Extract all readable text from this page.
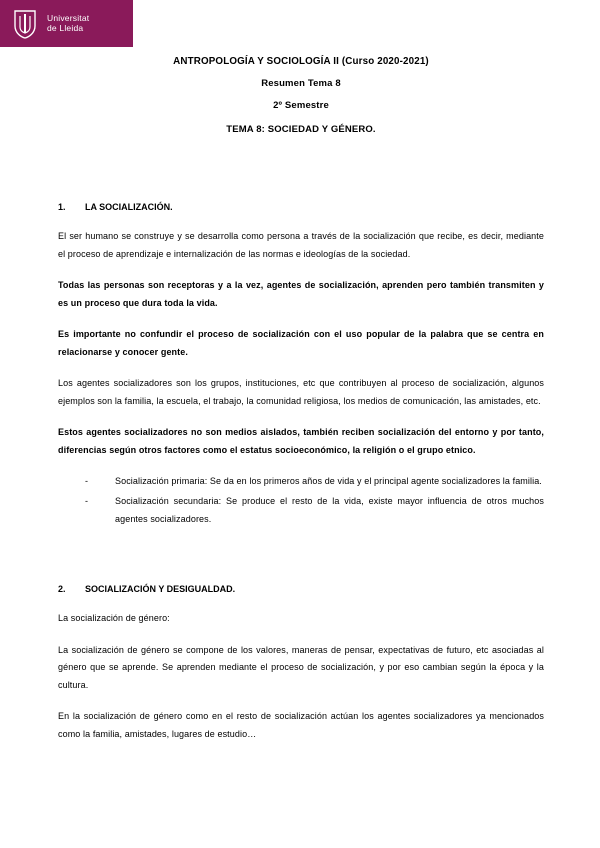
Universitat
de Lleida
ANTROPOLOGÍA Y SOCIOLOGÍA II (Curso 2020-2021)
Resumen Tema 8
2º Semestre
TEMA 8: SOCIEDAD Y GÉNERO.
1. LA SOCIALIZACIÓN.

El ser humano se construye y se desarrolla como persona a través de la socialización que recibe, es decir, mediante el proceso de aprendizaje e internalización de las normas e ideologías de la sociedad.

Todas las personas son receptoras y a la vez, agentes de socialización, aprenden pero también transmiten y es un proceso que dura toda la vida.

Es importante no confundir el proceso de socialización con el uso popular de la palabra que se centra en relacionarse y conocer gente.

Los agentes socializadores son los grupos, instituciones, etc que contribuyen al proceso de socialización, algunos ejemplos son la familia, la escuela, el trabajo, la comunidad religiosa, los medios de comunicación, las amistades, etc.

Estos agentes socializadores no son medios aislados, también reciben socialización del entorno y por tanto, diferencias según otros factores como el estatus socioeconómico, la religión o el grupo etnico.

-	Socialización primaria: Se da en los primeros años de vida y el principal agente socializadores la familia.
-	Socialización secundaria: Se produce el resto de la vida, existe mayor influencia de otros muchos agentes socializadores.
2. SOCIALIZACIÓN Y DESIGUALDAD.

La socialización de género:

La socialización de género se compone de los valores, maneras de pensar, expectativas de futuro, etc asociadas al género que se aprende. Se aprenden mediante el proceso de socialización, y por eso cambian según la época y la cultura.

En la socialización de género como en el resto de socialización actúan los agentes socializadores ya mencionados como la familia, amistades, lugares de estudio…
